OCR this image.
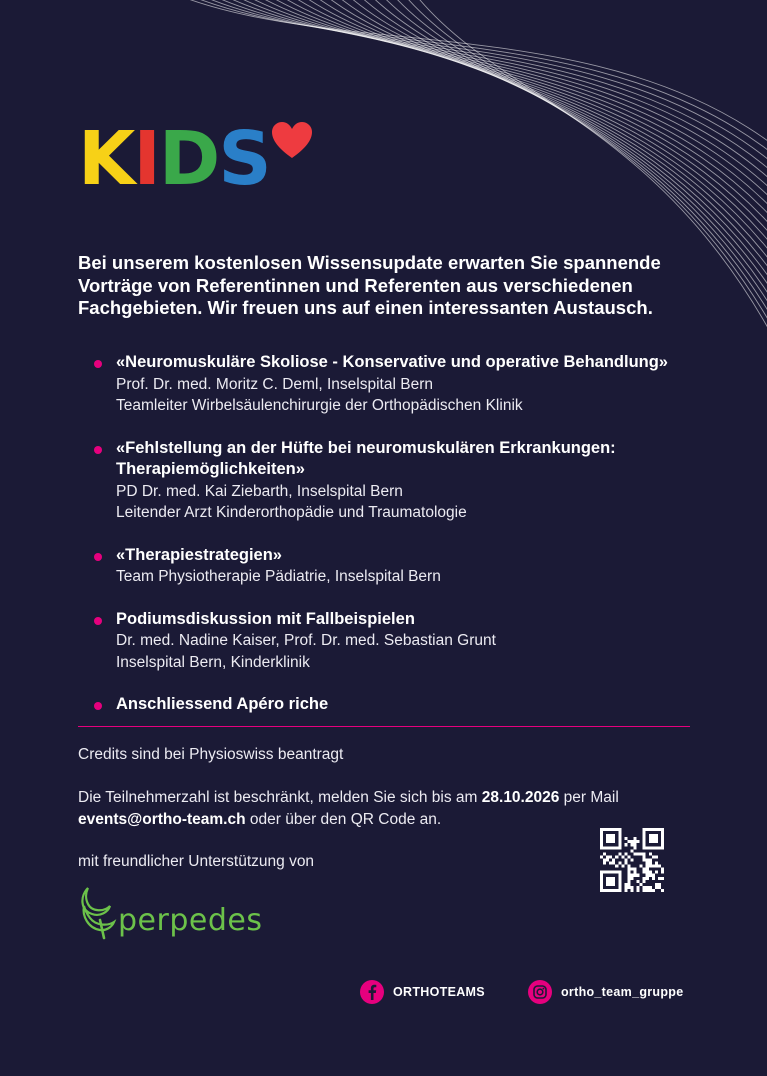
K I D S

Bei unserem kostenlosen Wissensupdate erwarten Sie spannende Vorträge von Referentinnen und Referenten aus verschiedenen Fachgebieten. Wir freuen uns auf einen interessanten Austausch.

«Neuromuskuläre Skoliose - Konservative und operative Behandlung»
Prof. Dr. med. Moritz C. Deml, Inselspital Bern
Teamleiter Wirbelsäulenchirurgie der Orthopädischen Klinik
«Fehlstellung an der Hüfte bei neuromuskulären Erkrankungen:
Therapiemöglichkeiten»
PD Dr. med. Kai Ziebarth, Inselspital Bern
Leitender Arzt Kinderorthopädie und Traumatologie
«Therapiestrategien»
Team Physiotherapie Pädiatrie, Inselspital Bern
Podiumsdiskussion mit Fallbeispielen
Dr. med. Nadine Kaiser, Prof. Dr. med. Sebastian Grunt
Inselspital Bern, Kinderklinik
Anschliessend Apéro riche

Credits sind bei Physioswiss beantragt

Die Teilnehmerzahl ist beschränkt, melden Sie sich bis am 28.10.2026 per Mail
events@ortho-team.ch oder über den QR Code an.

mit freundlicher Unterstützung von

perpedes
ORTHOTEAMS	ortho_team_gruppe
